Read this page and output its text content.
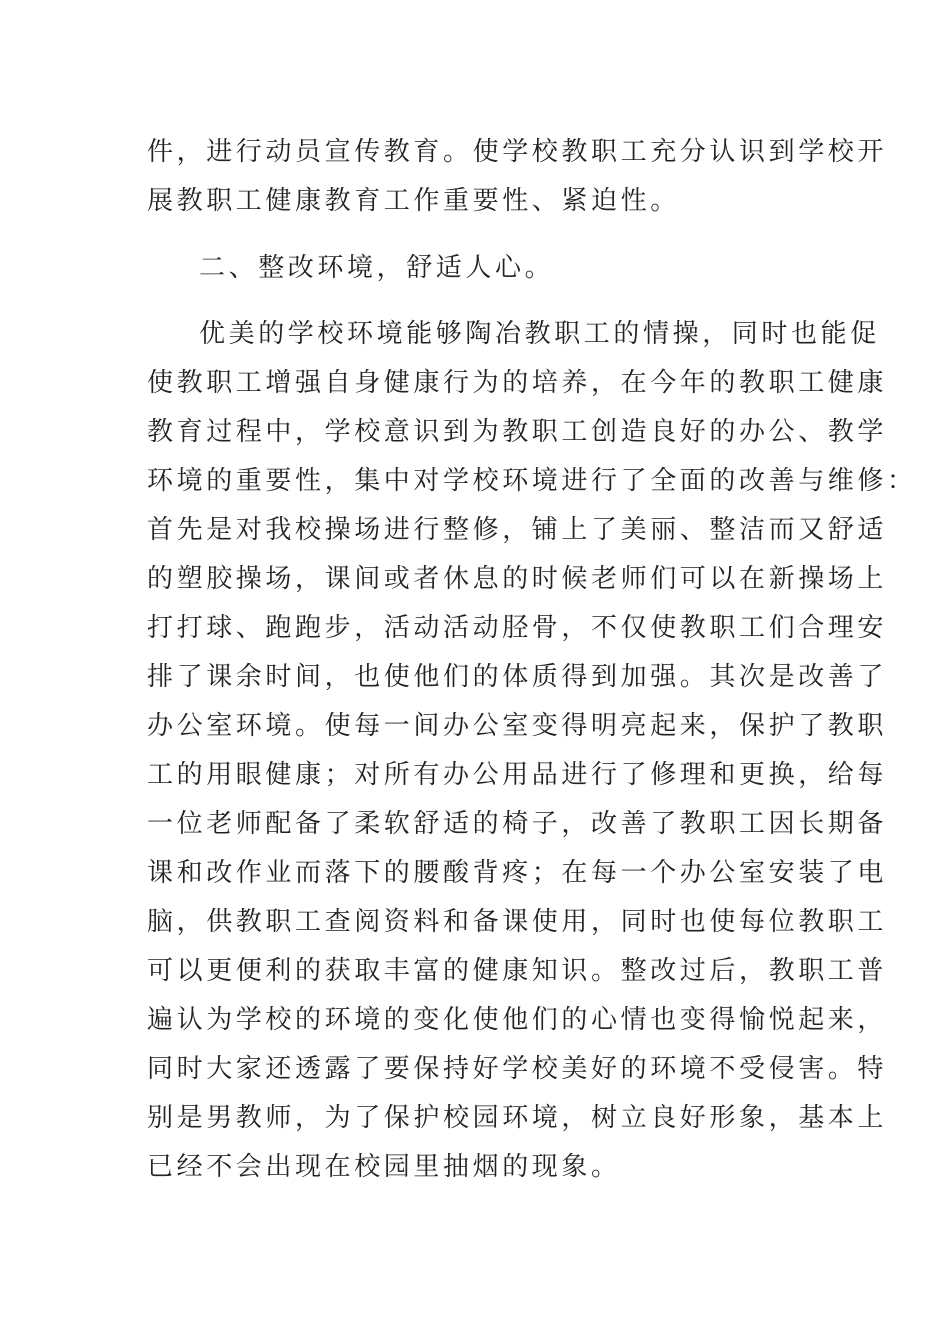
件，进行动员宣传教育。使学校教职工充分认识到学校开
展教职工健康教育工作重要性、紧迫性。
二、整改环境，舒适人心。
优美的学校环境能够陶冶教职工的情操，同时也能促
使教职工增强自身健康行为的培养，在今年的教职工健康
教育过程中，学校意识到为教职工创造良好的办公、教学
环境的重要性，集中对学校环境进行了全面的改善与维修：
首先是对我校操场进行整修，铺上了美丽、整洁而又舒适
的塑胶操场，课间或者休息的时候老师们可以在新操场上
打打球、跑跑步，活动活动胫骨，不仅使教职工们合理安
排了课余时间，也使他们的体质得到加强。其次是改善了
办公室环境。使每一间办公室变得明亮起来，保护了教职
工的用眼健康；对所有办公用品进行了修理和更换，给每
一位老师配备了柔软舒适的椅子，改善了教职工因长期备
课和改作业而落下的腰酸背疼；在每一个办公室安装了电
脑，供教职工查阅资料和备课使用，同时也使每位教职工
可以更便利的获取丰富的健康知识。整改过后，教职工普
遍认为学校的环境的变化使他们的心情也变得愉悦起来，
同时大家还透露了要保持好学校美好的环境不受侵害。特
别是男教师，为了保护校园环境，树立良好形象，基本上
已经不会出现在校园里抽烟的现象。
